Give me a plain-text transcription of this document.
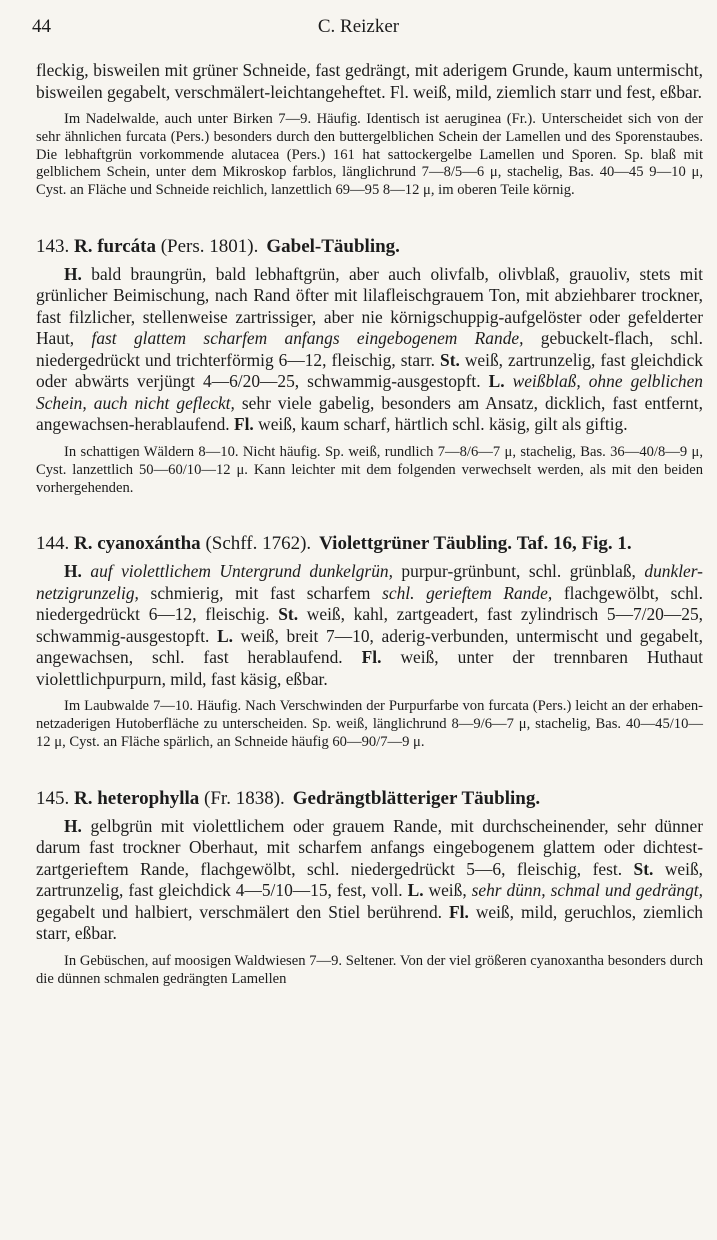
44	C. Reizker

fleckig, bisweilen mit grüner Schneide, fast gedrängt, mit aderigem Grunde, kaum untermischt, bisweilen gegabelt, verschmälert-leichtangeheftet. Fl. weiß, mild, ziemlich starr und fest, eßbar.

Im Nadelwalde, auch unter Birken 7—9. Häufig. Identisch ist aeruginea (Fr.). Unterscheidet sich von der sehr ähnlichen furcata (Pers.) besonders durch den buttergelblichen Schein der Lamellen und des Sporenstaubes. Die lebhaftgrün vorkommende alutacea (Pers.) 161 hat sattockergelbe Lamellen und Sporen. Sp. blaß mit gelblichem Schein, unter dem Mikroskop farblos, länglichrund 7—8/5—6 μ, stachelig, Bas. 40—45 9—10 μ, Cyst. an Fläche und Schneide reichlich, lanzettlich 69—95 8—12 μ, im oberen Teile körnig.

143. R. furcáta (Pers. 1801). Gabel-Täubling.

H. bald braungrün, bald lebhaftgrün, aber auch olivfalb, olivblaß, grauoliv, stets mit grünlicher Beimischung, nach Rand öfter mit lilafleischgrauem Ton, mit abziehbarer trockner, fast filzlicher, stellenweise zartrissiger, aber nie körnigschuppig-aufgelöster oder gefelderter Haut, fast glattem scharfem anfangs eingebogenem Rande, gebuckelt-flach, schl. niedergedrückt und trichterförmig 6—12, fleischig, starr. St. weiß, zartrunzelig, fast gleichdick oder abwärts verjüngt 4—6/20—25, schwammig-ausgestopft. L. weißblaß, ohne gelblichen Schein, auch nicht gefleckt, sehr viele gabelig, besonders am Ansatz, dicklich, fast entfernt, angewachsen-herablaufend. Fl. weiß, kaum scharf, härtlich schl. käsig, gilt als giftig.

In schattigen Wäldern 8—10. Nicht häufig. Sp. weiß, rundlich 7—8/6—7 μ, stachelig, Bas. 36—40/8—9 μ, Cyst. lanzettlich 50—60/10—12 μ. Kann leichter mit dem folgenden verwechselt werden, als mit den beiden vorhergehenden.

144. R. cyanoxántha (Schff. 1762). Violettgrüner Täubling. Taf. 16, Fig. 1.

H. auf violettlichem Untergrund dunkelgrün, purpur-grünbunt, schl. grünblaß, dunkler-netzigrunzelig, schmierig, mit fast scharfem schl. gerieftem Rande, flachgewölbt, schl. niedergedrückt 6—12, fleischig. St. weiß, kahl, zartgeadert, fast zylindrisch 5—7/20—25, schwammig-ausgestopft. L. weiß, breit 7—10, aderig-verbunden, untermischt und gegabelt, angewachsen, schl. fast herablaufend. Fl. weiß, unter der trennbaren Huthaut violettlichpurpurn, mild, fast käsig, eßbar.

Im Laubwalde 7—10. Häufig. Nach Verschwinden der Purpurfarbe von furcata (Pers.) leicht an der erhaben-netzaderigen Hutoberfläche zu unterscheiden. Sp. weiß, länglichrund 8—9/6—7 μ, stachelig, Bas. 40—45/10—12 μ, Cyst. an Fläche spärlich, an Schneide häufig 60—90/7—9 μ.

145. R. heterophylla (Fr. 1838). Gedrängtblätteriger Täubling.

H. gelbgrün mit violettlichem oder grauem Rande, mit durchscheinender, sehr dünner darum fast trockner Oberhaut, mit scharfem anfangs eingebogenem glattem oder dichtest-zartgerieftem Rande, flachgewölbt, schl. niedergedrückt 5—6, fleischig, fest. St. weiß, zartrunzelig, fast gleichdick 4—5/10—15, fest, voll. L. weiß, sehr dünn, schmal und gedrängt, gegabelt und halbiert, verschmälert den Stiel berührend. Fl. weiß, mild, geruchlos, ziemlich starr, eßbar.

In Gebüschen, auf moosigen Waldwiesen 7—9. Seltener. Von der viel größeren cyanoxantha besonders durch die dünnen schmalen gedrängten Lamellen
